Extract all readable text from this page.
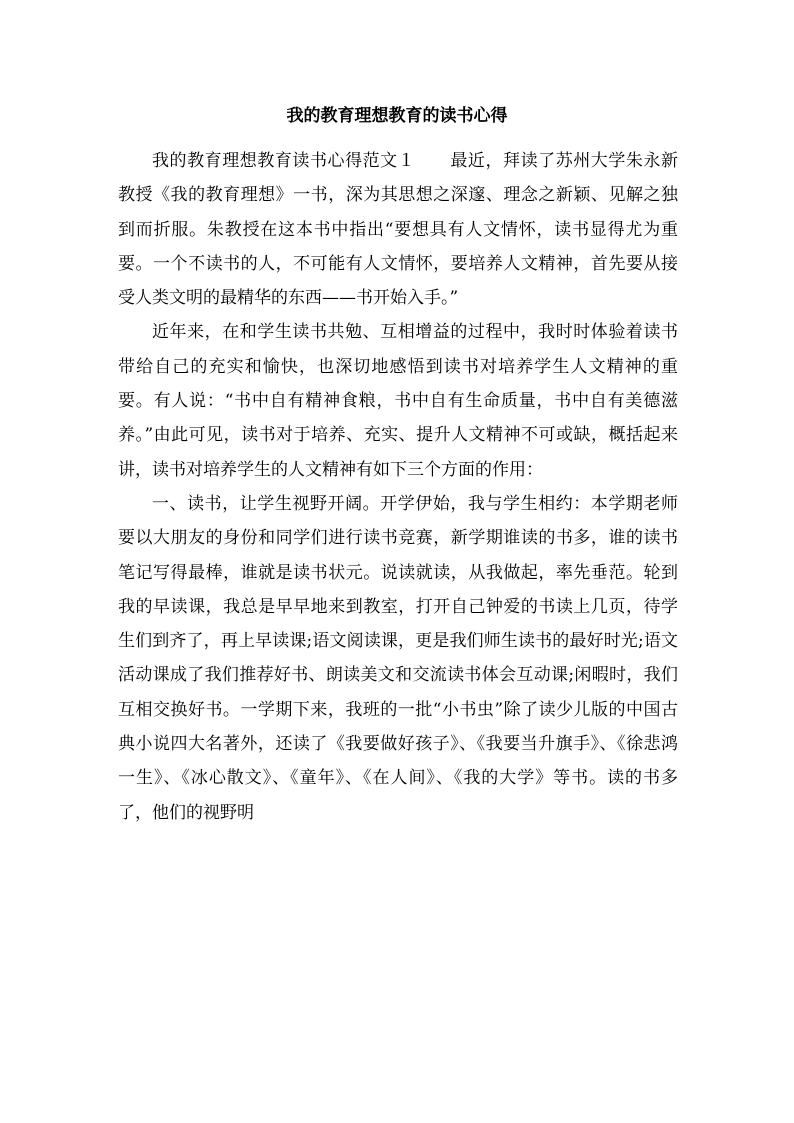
我的教育理想教育的读书心得

我的教育理想教育读书心得范文１　　最近，拜读了苏州大学朱永新教授《我的教育理想》一书，深为其思想之深邃、理念之新颖、见解之独到而折服。朱教授在这本书中指出“要想具有人文情怀，读书显得尤为重要。一个不读书的人，不可能有人文情怀，要培养人文精神，首先要从接受人类文明的最精华的东西——书开始入手。”

近年来，在和学生读书共勉、互相增益的过程中，我时时体验着读书带给自己的充实和愉快，也深切地感悟到读书对培养学生人文精神的重要。有人说：“书中自有精神食粮，书中自有生命质量，书中自有美德滋养。”由此可见，读书对于培养、充实、提升人文精神不可或缺，概括起来讲，读书对培养学生的人文精神有如下三个方面的作用：

一、读书，让学生视野开阔。开学伊始，我与学生相约：本学期老师要以大朋友的身份和同学们进行读书竞赛，新学期谁读的书多，谁的读书笔记写得最棒，谁就是读书状元。说读就读，从我做起，率先垂范。轮到我的早读课，我总是早早地来到教室，打开自己钟爱的书读上几页，待学生们到齐了，再上早读课;语文阅读课，更是我们师生读书的最好时光;语文活动课成了我们推荐好书、朗读美文和交流读书体会互动课;闲暇时，我们互相交换好书。一学期下来，我班的一批“小书虫”除了读少儿版的中国古典小说四大名著外，还读了《我要做好孩子》、《我要当升旗手》、《徐悲鸿一生》、《冰心散文》、《童年》、《在人间》、《我的大学》等书。读的书多了，他们的视野明
